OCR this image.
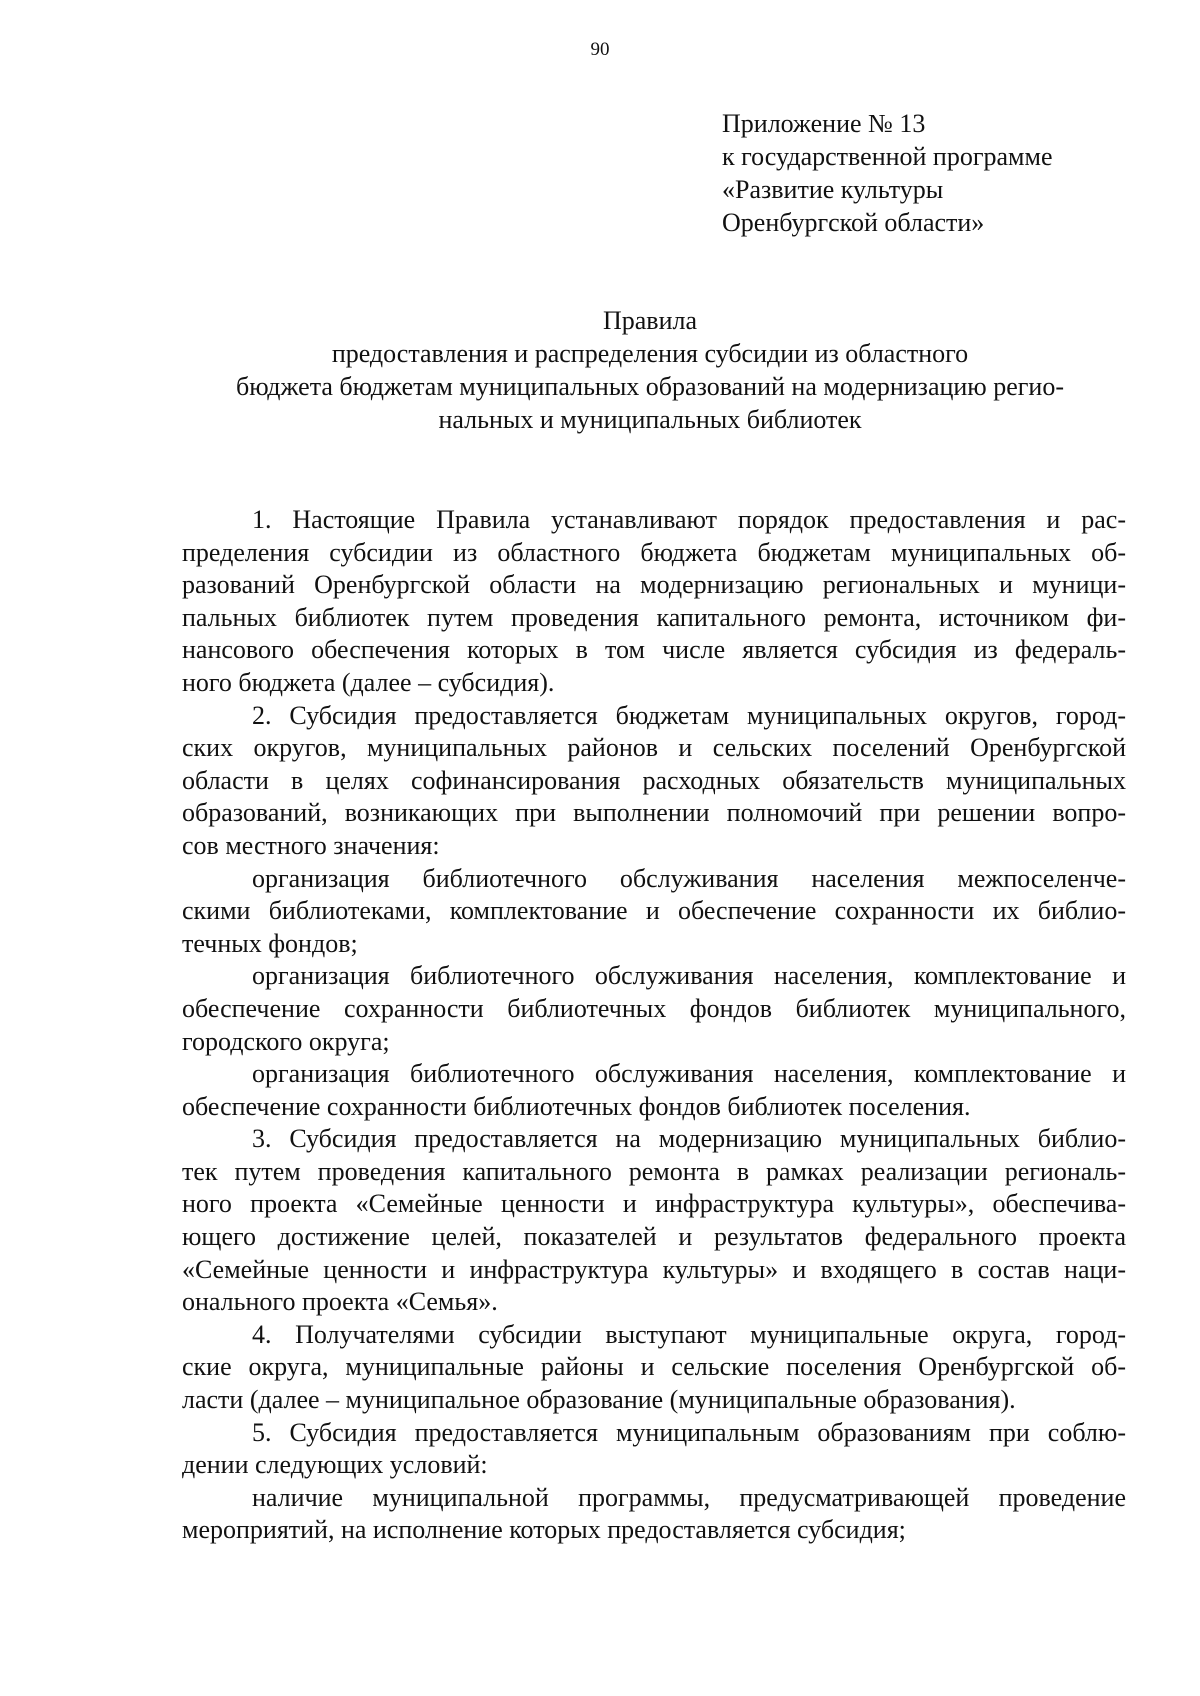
90
Приложение № 13
к государственной программе
«Развитие культуры
Оренбургской области»
Правила
предоставления и распределения субсидии из областного
бюджета бюджетам муниципальных образований на модернизацию регио-
нальных и муниципальных библиотек
1. Настоящие Правила устанавливают порядок предоставления и рас-
пределения субсидии из областного бюджета бюджетам муниципальных об-
разований Оренбургской области на модернизацию региональных и муници-
пальных библиотек путем проведения капитального ремонта, источником фи-
нансового обеспечения которых в том числе является субсидия из федераль-
ного бюджета (далее – субсидия).
2. Субсидия предоставляется бюджетам муниципальных округов, город-
ских округов, муниципальных районов и сельских поселений Оренбургской
области в целях софинансирования расходных обязательств муниципальных
образований, возникающих при выполнении полномочий при решении вопро-
сов местного значения:
организация библиотечного обслуживания населения межпоселенче-
скими библиотеками, комплектование и обеспечение сохранности их библио-
течных фондов;
организация библиотечного обслуживания населения, комплектование и
обеспечение сохранности библиотечных фондов библиотек муниципального,
городского округа;
организация библиотечного обслуживания населения, комплектование и
обеспечение сохранности библиотечных фондов библиотек поселения.
3. Субсидия предоставляется на модернизацию муниципальных библио-
тек путем проведения капитального ремонта в рамках реализации региональ-
ного проекта «Семейные ценности и инфраструктура культуры», обеспечива-
ющего достижение целей, показателей и результатов федерального проекта
«Семейные ценности и инфраструктура культуры» и входящего в состав наци-
онального проекта «Семья».
4. Получателями субсидии выступают муниципальные округа, город-
ские округа, муниципальные районы и сельские поселения Оренбургской об-
ласти (далее – муниципальное образование (муниципальные образования).
5. Субсидия предоставляется муниципальным образованиям при соблю-
дении следующих условий:
наличие муниципальной программы, предусматривающей проведение
мероприятий, на исполнение которых предоставляется субсидия;
